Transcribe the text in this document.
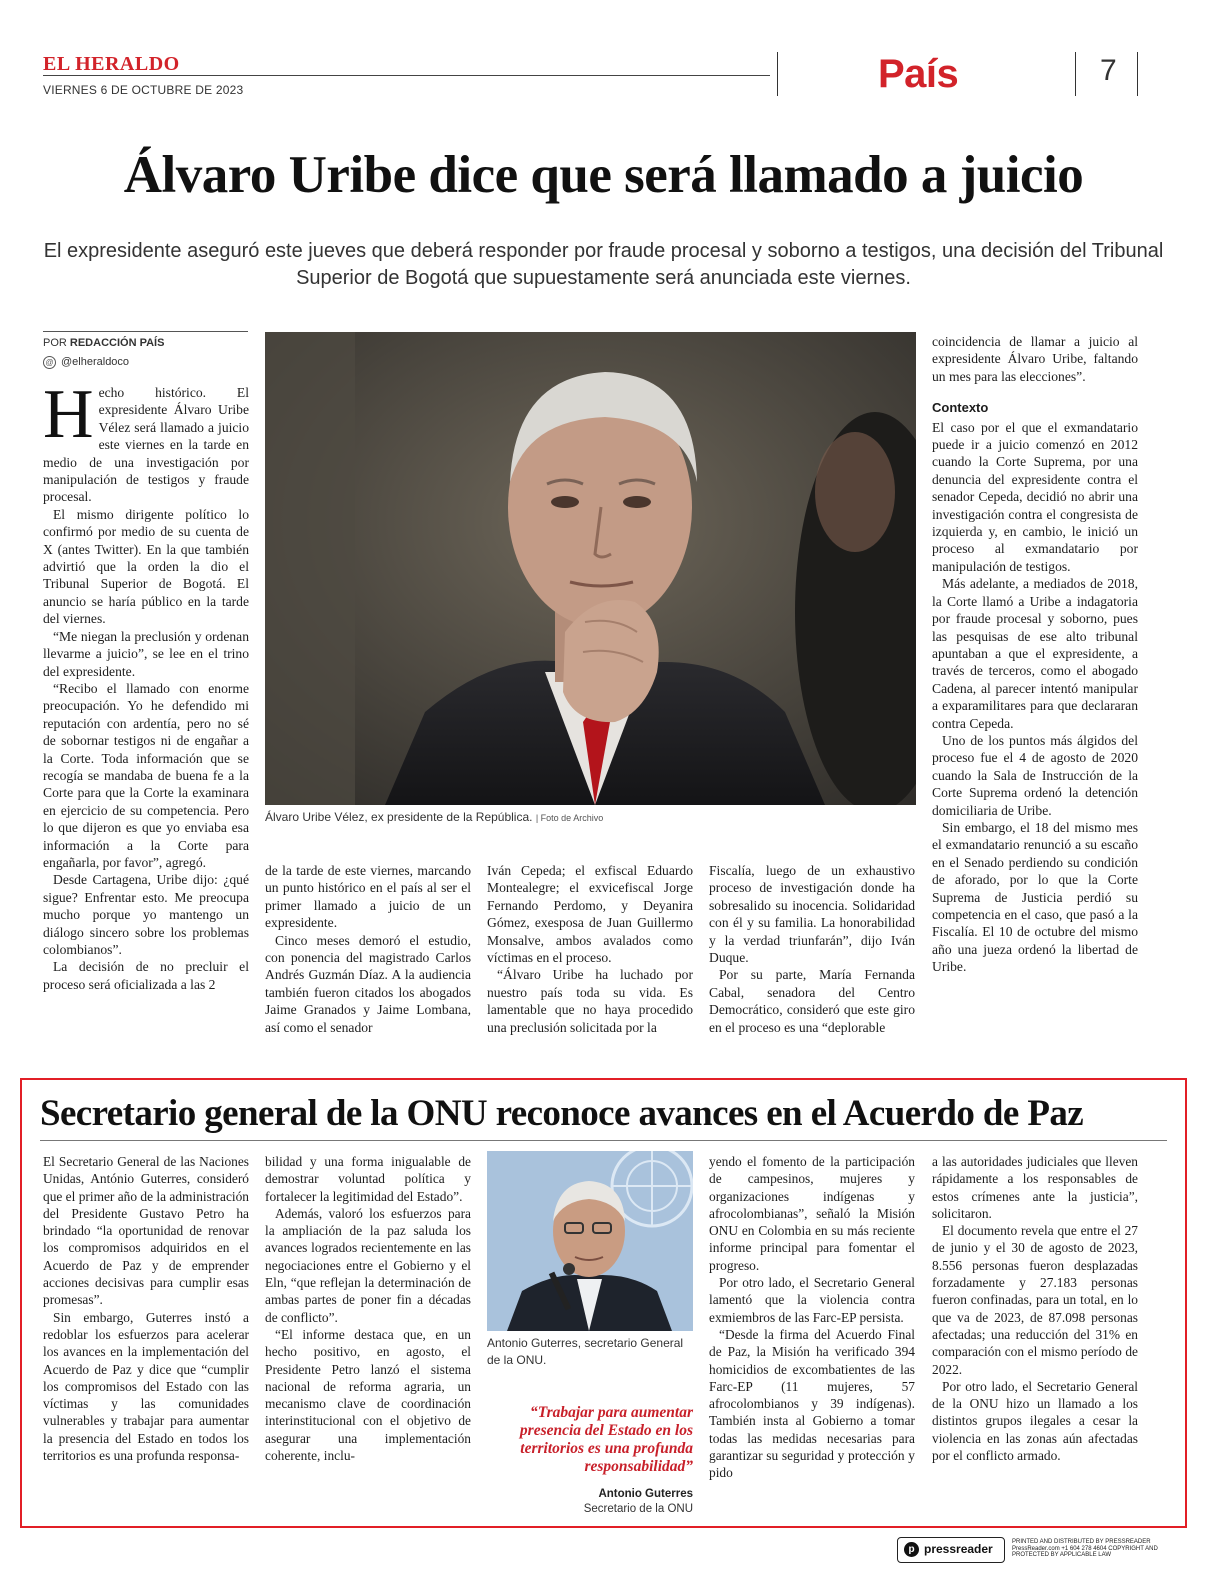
EL HERALDO
VIERNES 6 DE OCTUBRE DE 2023	País	7
Álvaro Uribe dice que será llamado a juicio
El expresidente aseguró este jueves que deberá responder por fraude procesal y soborno a testigos, una decisión del Tribunal Superior de Bogotá que supuestamente será anunciada este viernes.
POR REDACCIÓN PAÍS
@ @elheraldoco

Hecho histórico. El expresidente Álvaro Uribe Vélez será llamado a juicio este viernes en la tarde en medio de una investigación por manipulación de testigos y fraude procesal.

El mismo dirigente político lo confirmó por medio de su cuenta de X (antes Twitter). En la que también advirtió que la orden la dio el Tribunal Superior de Bogotá. El anuncio se haría público en la tarde del viernes.

“Me niegan la preclusión y ordenan llevarme a juicio”, se lee en el trino del expresidente.

“Recibo el llamado con enorme preocupación. Yo he defendido mi reputación con ardentía, pero no sé de sobornar testigos ni de engañar a la Corte. Toda información que se recogía se mandaba de buena fe a la Corte para que la Corte la examinara en ejercicio de su competencia. Pero lo que dijeron es que yo enviaba esa información a la Corte para engañarla, por favor”, agregó.

Desde Cartagena, Uribe dijo: ¿qué sigue? Enfrentar esto. Me preocupa mucho porque yo mantengo un diálogo sincero sobre los problemas colombianos”.

La decisión de no precluir el proceso será oficializada a las 2

Álvaro Uribe Vélez, ex presidente de la República. | Foto de Archivo

de la tarde de este viernes, marcando un punto histórico en el país al ser el primer llamado a juicio de un expresidente.

Cinco meses demoró el estudio, con ponencia del magistrado Carlos Andrés Guzmán Díaz. A la audiencia también fueron citados los abogados Jaime Granados y Jaime Lombana, así como el senador

Iván Cepeda; el exfiscal Eduardo Montealegre; el exvicefiscal Jorge Fernando Perdomo, y Deyanira Gómez, exesposa de Juan Guillermo Monsalve, ambos avalados como víctimas en el proceso.

“Álvaro Uribe ha luchado por nuestro país toda su vida. Es lamentable que no haya procedido una preclusión solicitada por la

Fiscalía, luego de un exhaustivo proceso de investigación donde ha sobresalido su inocencia. Solidaridad con él y su familia. La honorabilidad y la verdad triunfarán”, dijo Iván Duque.

Por su parte, María Fernanda Cabal, senadora del Centro Democrático, consideró que este giro en el proceso es una “deplorable

coincidencia de llamar a juicio al expresidente Álvaro Uribe, faltando un mes para las elecciones”.

Contexto

El caso por el que el exmandatario puede ir a juicio comenzó en 2012 cuando la Corte Suprema, por una denuncia del expresidente contra el senador Cepeda, decidió no abrir una investigación contra el congresista de izquierda y, en cambio, le inició un proceso al exmandatario por manipulación de testigos.

Más adelante, a mediados de 2018, la Corte llamó a Uribe a indagatoria por fraude procesal y soborno, pues las pesquisas de ese alto tribunal apuntaban a que el expresidente, a través de terceros, como el abogado Cadena, al parecer intentó manipular a exparamilitares para que declararan contra Cepeda.

Uno de los puntos más álgidos del proceso fue el 4 de agosto de 2020 cuando la Sala de Instrucción de la Corte Suprema ordenó la detención domiciliaria de Uribe.

Sin embargo, el 18 del mismo mes el exmandatario renunció a su escaño en el Senado perdiendo su condición de aforado, por lo que la Corte Suprema de Justicia perdió su competencia en el caso, que pasó a la Fiscalía. El 10 de octubre del mismo año una jueza ordenó la libertad de Uribe.

Secretario general de la ONU reconoce avances en el Acuerdo de Paz

El Secretario General de las Naciones Unidas, António Guterres, consideró que el primer año de la administración del Presidente Gustavo Petro ha brindado “la oportunidad de renovar los compromisos adquiridos en el Acuerdo de Paz y de emprender acciones decisivas para cumplir esas promesas”.

Sin embargo, Guterres instó a redoblar los esfuerzos para acelerar los avances en la implementación del Acuerdo de Paz y dice que “cumplir los compromisos del Estado con las víctimas y las comunidades vulnerables y trabajar para aumentar la presencia del Estado en todos los territorios es una profunda responsa-

bilidad y una forma inigualable de demostrar voluntad política y fortalecer la legitimidad del Estado”.

Además, valoró los esfuerzos para la ampliación de la paz saluda los avances logrados recientemente en las negociaciones entre el Gobierno y el Eln, “que reflejan la determinación de ambas partes de poner fin a décadas de conflicto”.

“El informe destaca que, en un hecho positivo, en agosto, el Presidente Petro lanzó el sistema nacional de reforma agraria, un mecanismo clave de coordinación interinstitucional con el objetivo de asegurar una implementación coherente, inclu-

Antonio Guterres, secretario General de la ONU.
“Trabajar para aumentar presencia del Estado en los territorios es una profunda responsabilidad”
Antonio Guterres
Secretario de la ONU

yendo el fomento de la participación de campesinos, mujeres y organizaciones indígenas y afrocolombianas”, señaló la Misión ONU en Colombia en su más reciente informe principal para fomentar el progreso.

Por otro lado, el Secretario General lamentó que la violencia contra exmiembros de las Farc-EP persista.

“Desde la firma del Acuerdo Final de Paz, la Misión ha verificado 394 homicidios de excombatientes de las Farc-EP (11 mujeres, 57 afrocolombianos y 39 indígenas). También insta al Gobierno a tomar todas las medidas necesarias para garantizar su seguridad y protección y pido

a las autoridades judiciales que lleven rápidamente a los responsables de estos crímenes ante la justicia”, solicitaron.

El documento revela que entre el 27 de junio y el 30 de agosto de 2023, 8.556 personas fueron desplazadas forzadamente y 27.183 personas fueron confinadas, para un total, en lo que va de 2023, de 87.098 personas afectadas; una reducción del 31% en comparación con el mismo período de 2022.

Por otro lado, el Secretario General de la ONU hizo un llamado a los distintos grupos ilegales a cesar la violencia en las zonas aún afectadas por el conflicto armado.

pressreader
p
PRINTED AND DISTRIBUTED BY PRESSREADER PressReader.com +1 604 278 4604 COPYRIGHT AND PROTECTED BY APPLICABLE LAW
